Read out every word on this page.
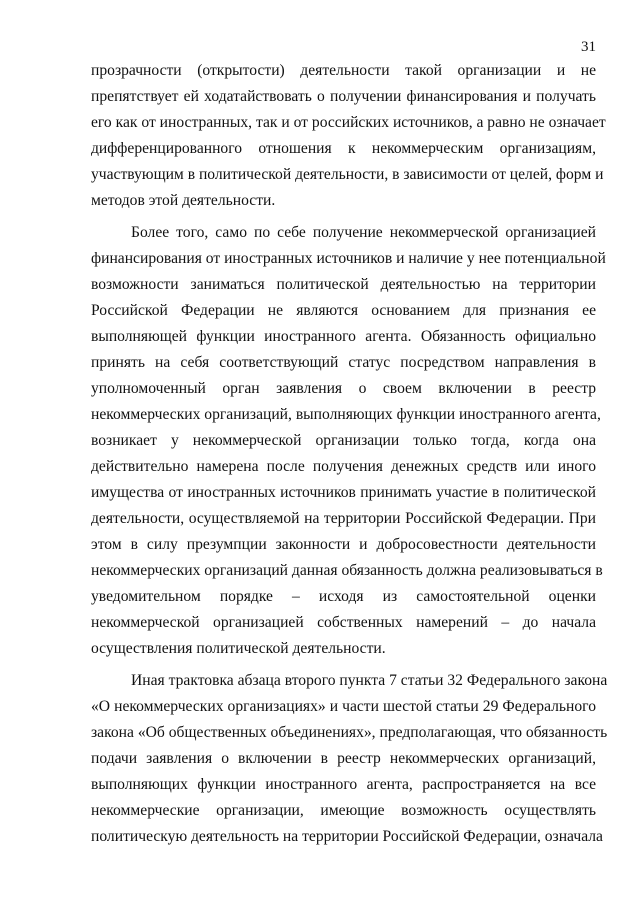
31
прозрачности (открытости) деятельности такой организации и не
препятствует ей ходатайствовать о получении финансирования и получать
его как от иностранных, так и от российских источников, а равно не означает
дифференцированного отношения к некоммерческим организациям,
участвующим в политической деятельности, в зависимости от целей, форм и
методов этой деятельности.
Более того, само по себе получение некоммерческой организацией
финансирования от иностранных источников и наличие у нее потенциальной
возможности заниматься политической деятельностью на территории
Российской Федерации не являются основанием для признания ее
выполняющей функции иностранного агента. Обязанность официально
принять на себя соответствующий статус посредством направления в
уполномоченный орган заявления о своем включении в реестр
некоммерческих организаций, выполняющих функции иностранного агента,
возникает у некоммерческой организации только тогда, когда она
действительно намерена после получения денежных средств или иного
имущества от иностранных источников принимать участие в политической
деятельности, осуществляемой на территории Российской Федерации. При
этом в силу презумпции законности и добросовестности деятельности
некоммерческих организаций данная обязанность должна реализовываться в
уведомительном порядке – исходя из самостоятельной оценки
некоммерческой организацией собственных намерений – до начала
осуществления политической деятельности.
Иная трактовка абзаца второго пункта 7 статьи 32 Федерального закона
«О некоммерческих организациях» и части шестой статьи 29 Федерального
закона «Об общественных объединениях», предполагающая, что обязанность
подачи заявления о включении в реестр некоммерческих организаций,
выполняющих функции иностранного агента, распространяется на все
некоммерческие организации, имеющие возможность осуществлять
политическую деятельность на территории Российской Федерации, означала
